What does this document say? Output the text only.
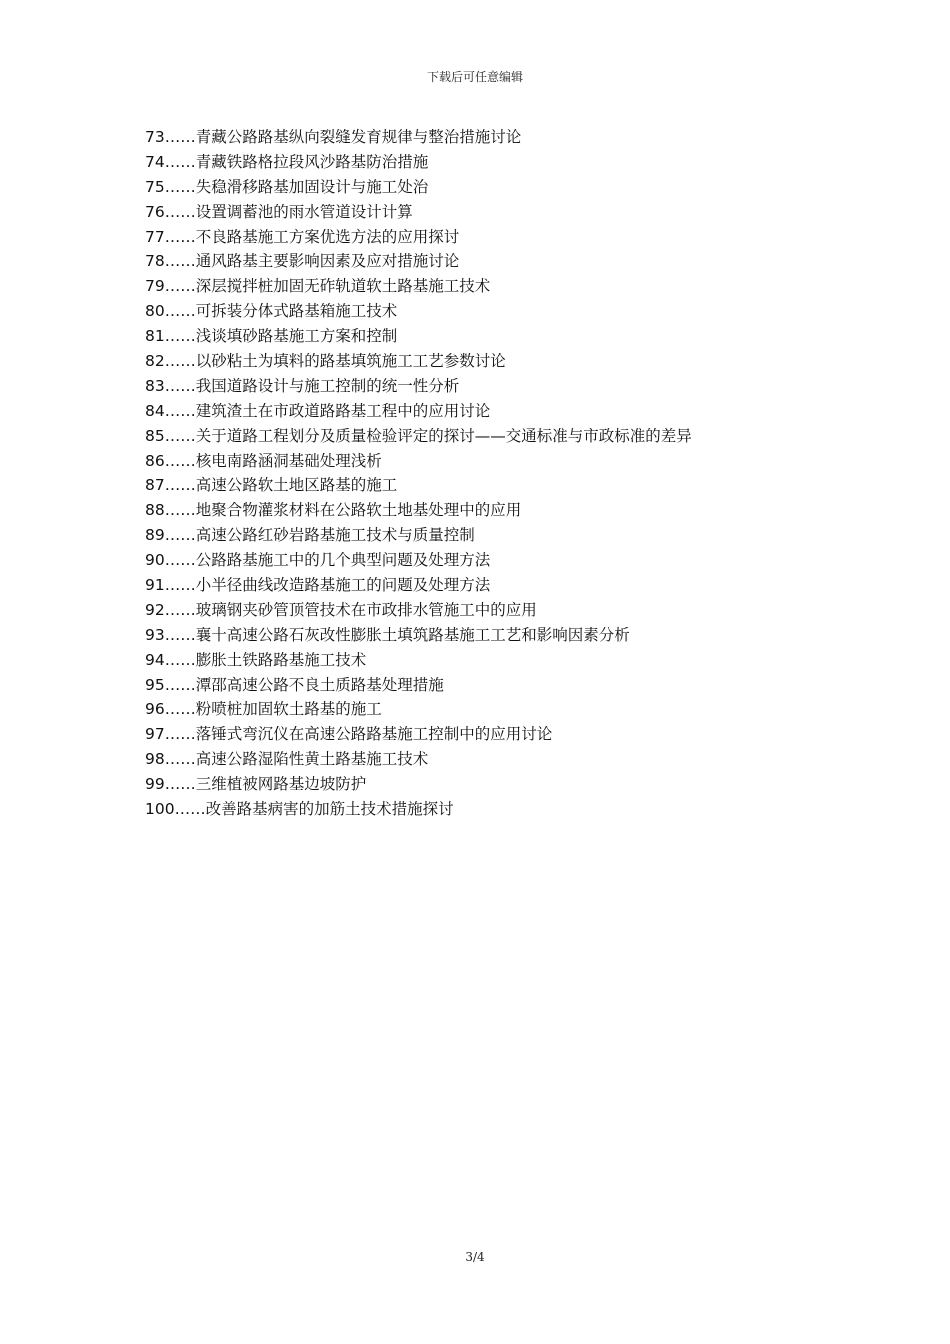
下载后可任意编辑
73……青藏公路路基纵向裂缝发育规律与整治措施讨论
74……青藏铁路格拉段风沙路基防治措施
75……失稳滑移路基加固设计与施工处治
76……设置调蓄池的雨水管道设计计算
77……不良路基施工方案优选方法的应用探讨
78……通风路基主要影响因素及应对措施讨论
79……深层搅拌桩加固无砟轨道软土路基施工技术
80……可拆装分体式路基箱施工技术
81……浅谈填砂路基施工方案和控制
82……以砂粘土为填料的路基填筑施工工艺参数讨论
83……我国道路设计与施工控制的统一性分析
84……建筑渣土在市政道路路基工程中的应用讨论
85……关于道路工程划分及质量检验评定的探讨——交通标准与市政标准的差异
86……核电南路涵洞基础处理浅析
87……高速公路软土地区路基的施工
88……地聚合物灌浆材料在公路软土地基处理中的应用
89……高速公路红砂岩路基施工技术与质量控制
90……公路路基施工中的几个典型问题及处理方法
91……小半径曲线改造路基施工的问题及处理方法
92……玻璃钢夹砂管顶管技术在市政排水管施工中的应用
93……襄十高速公路石灰改性膨胀土填筑路基施工工艺和影响因素分析
94……膨胀土铁路路基施工技术
95……潭邵高速公路不良土质路基处理措施
96……粉喷桩加固软土路基的施工
97……落锤式弯沉仪在高速公路路基施工控制中的应用讨论
98……高速公路湿陷性黄土路基施工技术
99……三维植被网路基边坡防护
100……改善路基病害的加筋土技术措施探讨
3/4
